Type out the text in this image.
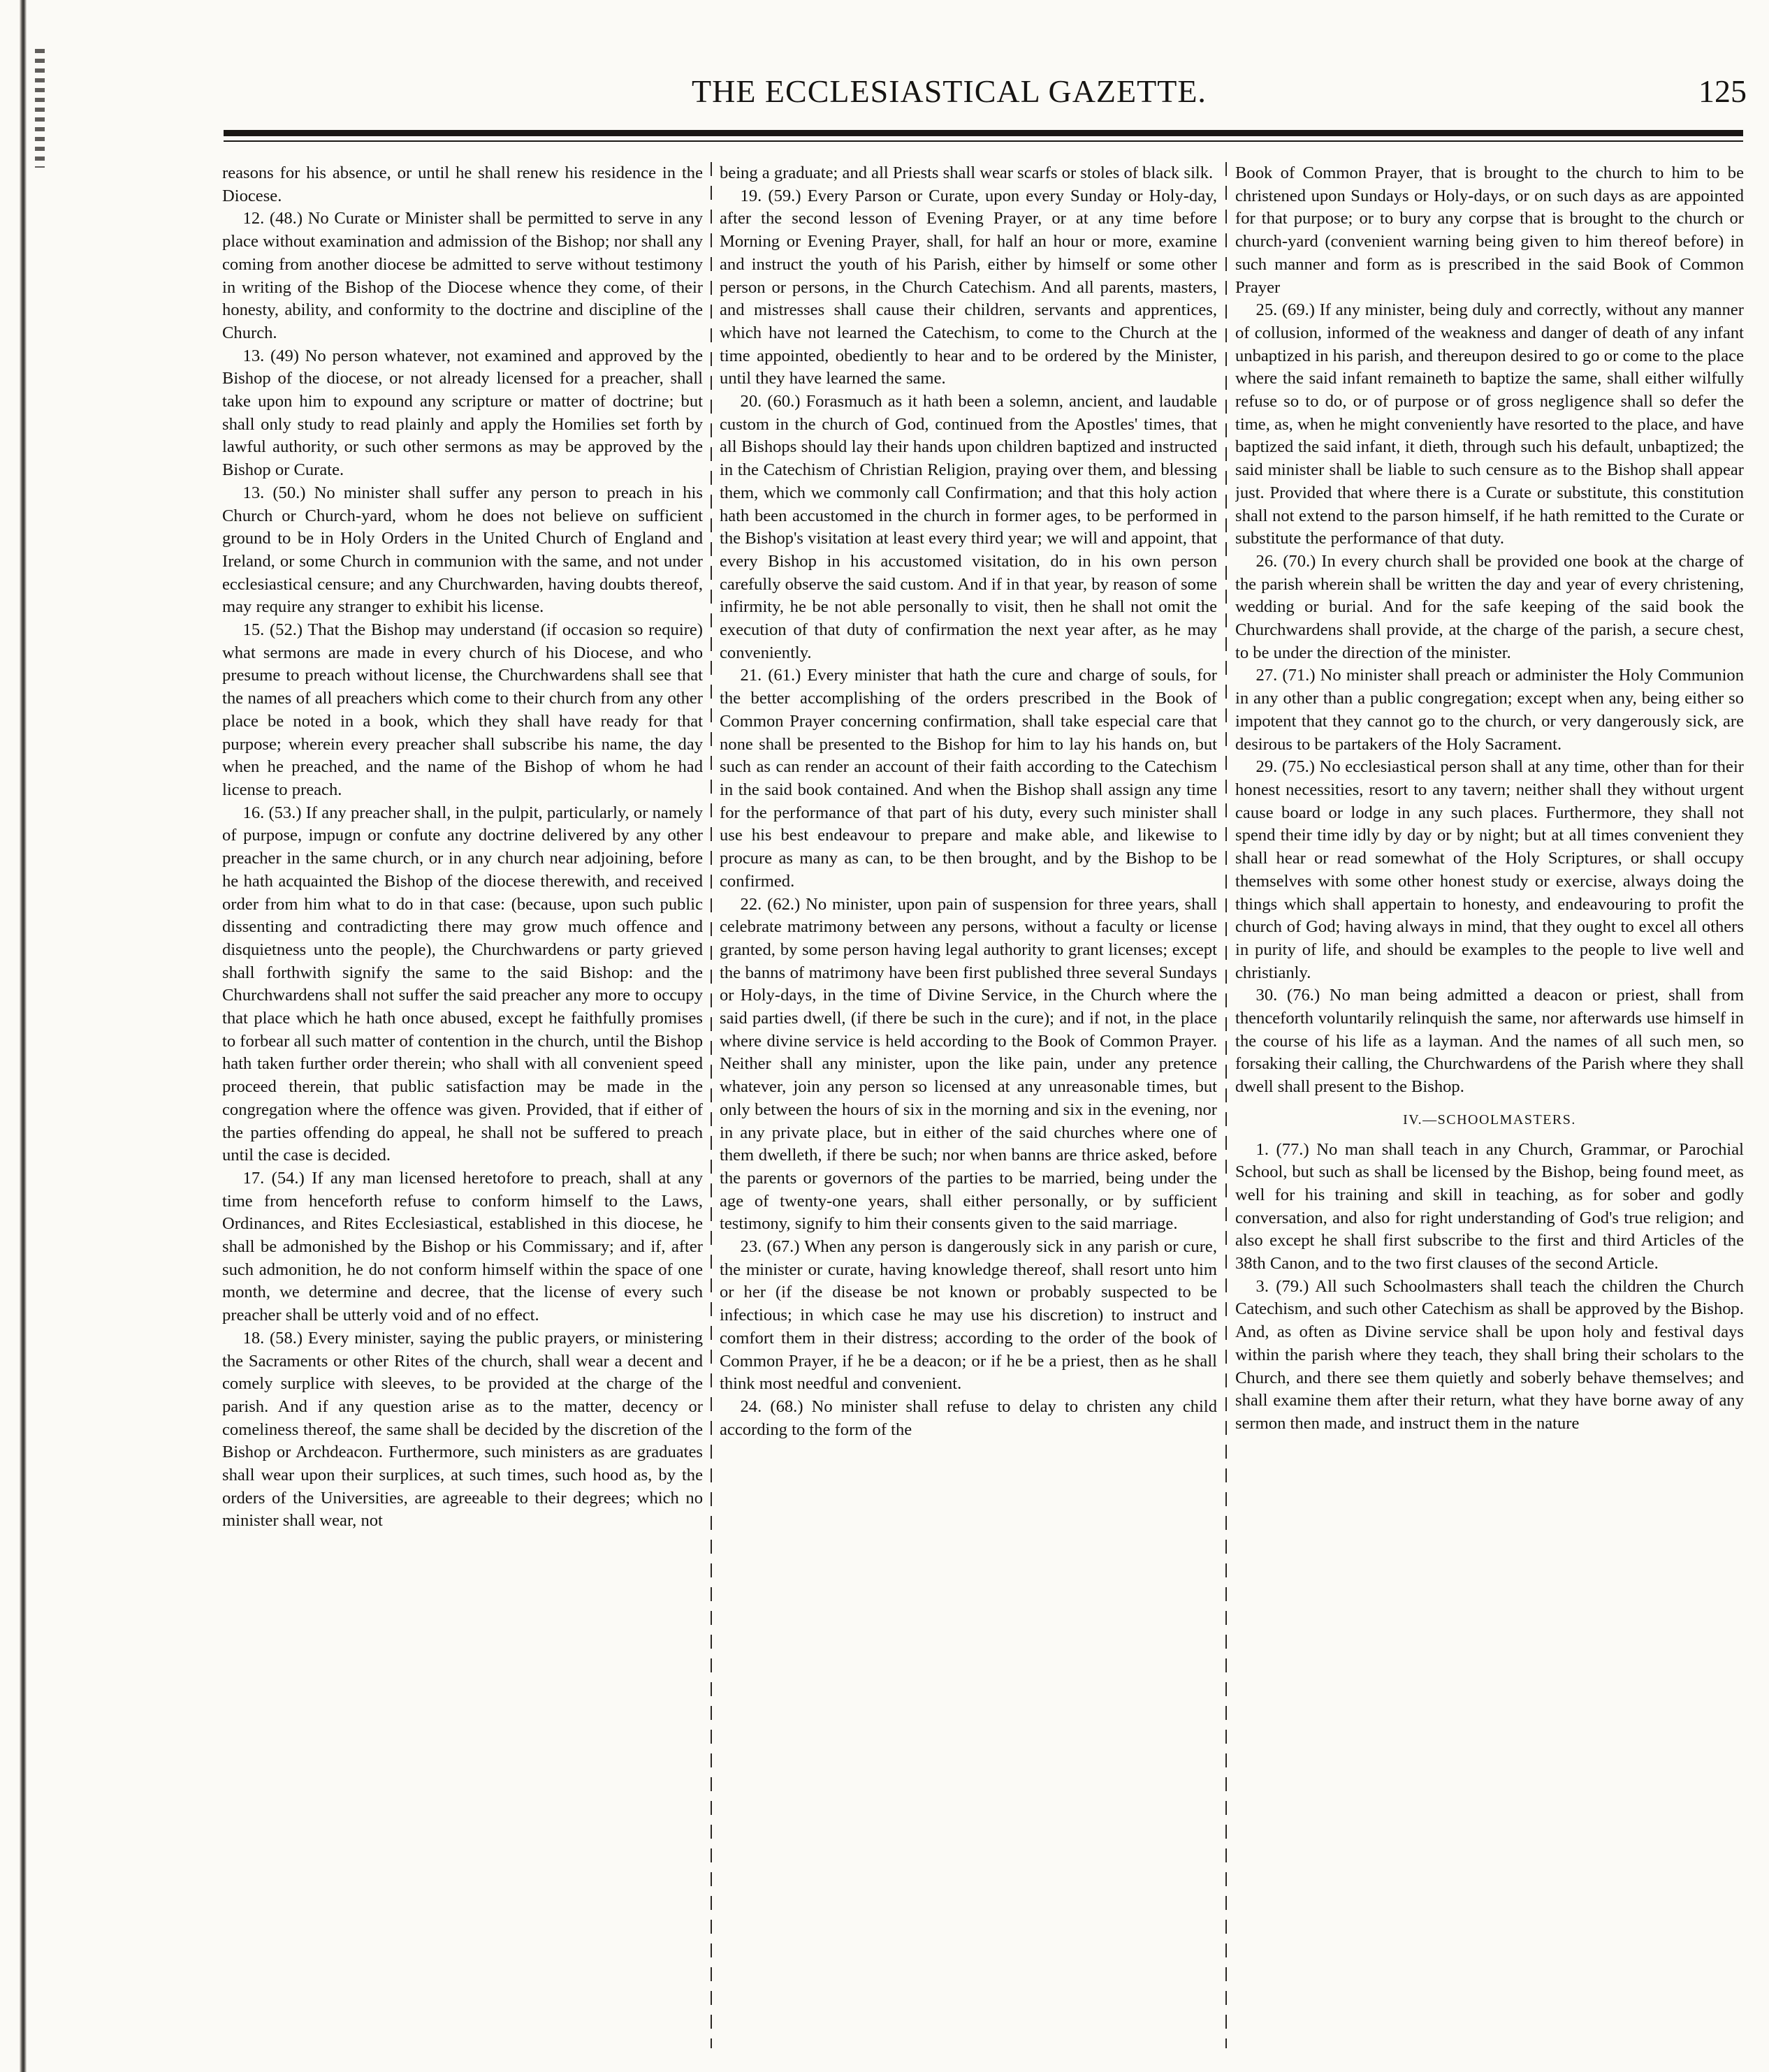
THE ECCLESIASTICAL GAZETTE.	125

reasons for his absence, or until he shall renew his residence in the Diocese.

12. (48.) No Curate or Minister shall be permitted to serve in any place without examination and admission of the Bishop; nor shall any coming from another diocese be admitted to serve without testimony in writing of the Bishop of the Diocese whence they come, of their honesty, ability, and conformity to the doctrine and discipline of the Church.

13. (49) No person whatever, not examined and approved by the Bishop of the diocese, or not already licensed for a preacher, shall take upon him to expound any scripture or matter of doctrine; but shall only study to read plainly and apply the Homilies set forth by lawful authority, or such other sermons as may be approved by the Bishop or Curate.

13. (50.) No minister shall suffer any person to preach in his Church or Church-yard, whom he does not believe on sufficient ground to be in Holy Orders in the United Church of England and Ireland, or some Church in communion with the same, and not under ecclesiastical censure; and any Churchwarden, having doubts thereof, may require any stranger to exhibit his license.

15. (52.) That the Bishop may understand (if occasion so require) what sermons are made in every church of his Diocese, and who presume to preach without license, the Churchwardens shall see that the names of all preachers which come to their church from any other place be noted in a book, which they shall have ready for that purpose; wherein every preacher shall subscribe his name, the day when he preached, and the name of the Bishop of whom he had license to preach.

16. (53.) If any preacher shall, in the pulpit, particularly, or namely of purpose, impugn or confute any doctrine delivered by any other preacher in the same church, or in any church near adjoining, before he hath acquainted the Bishop of the diocese therewith, and received order from him what to do in that case: (because, upon such public dissenting and contradicting there may grow much offence and disquietness unto the people), the Churchwardens or party grieved shall forthwith signify the same to the said Bishop: and the Churchwardens shall not suffer the said preacher any more to occupy that place which he hath once abused, except he faithfully promises to forbear all such matter of contention in the church, until the Bishop hath taken further order therein; who shall with all convenient speed proceed therein, that public satisfaction may be made in the congregation where the offence was given. Provided, that if either of the parties offending do appeal, he shall not be suffered to preach until the case is decided.

17. (54.) If any man licensed heretofore to preach, shall at any time from henceforth refuse to conform himself to the Laws, Ordinances, and Rites Ecclesiastical, established in this diocese, he shall be admonished by the Bishop or his Commissary; and if, after such admonition, he do not conform himself within the space of one month, we determine and decree, that the license of every such preacher shall be utterly void and of no effect.

18. (58.) Every minister, saying the public prayers, or ministering the Sacraments or other Rites of the church, shall wear a decent and comely surplice with sleeves, to be provided at the charge of the parish. And if any question arise as to the matter, decency or comeliness thereof, the same shall be decided by the discretion of the Bishop or Archdeacon. Furthermore, such ministers as are graduates shall wear upon their surplices, at such times, such hood as, by the orders of the Universities, are agreeable to their degrees; which no minister shall wear, not

being a graduate; and all Priests shall wear scarfs or stoles of black silk.

19. (59.) Every Parson or Curate, upon every Sunday or Holy-day, after the second lesson of Evening Prayer, or at any time before Morning or Evening Prayer, shall, for half an hour or more, examine and instruct the youth of his Parish, either by himself or some other person or persons, in the Church Catechism. And all parents, masters, and mistresses shall cause their children, servants and apprentices, which have not learned the Catechism, to come to the Church at the time appointed, obediently to hear and to be ordered by the Minister, until they have learned the same.

20. (60.) Forasmuch as it hath been a solemn, ancient, and laudable custom in the church of God, continued from the Apostles' times, that all Bishops should lay their hands upon children baptized and instructed in the Catechism of Christian Religion, praying over them, and blessing them, which we commonly call Confirmation; and that this holy action hath been accustomed in the church in former ages, to be performed in the Bishop's visitation at least every third year; we will and appoint, that every Bishop in his accustomed visitation, do in his own person carefully observe the said custom. And if in that year, by reason of some infirmity, he be not able personally to visit, then he shall not omit the execution of that duty of confirmation the next year after, as he may conveniently.

21. (61.) Every minister that hath the cure and charge of souls, for the better accomplishing of the orders prescribed in the Book of Common Prayer concerning confirmation, shall take especial care that none shall be presented to the Bishop for him to lay his hands on, but such as can render an account of their faith according to the Catechism in the said book contained. And when the Bishop shall assign any time for the performance of that part of his duty, every such minister shall use his best endeavour to prepare and make able, and likewise to procure as many as can, to be then brought, and by the Bishop to be confirmed.

22. (62.) No minister, upon pain of suspension for three years, shall celebrate matrimony between any persons, without a faculty or license granted, by some person having legal authority to grant licenses; except the banns of matrimony have been first published three several Sundays or Holy-days, in the time of Divine Service, in the Church where the said parties dwell, (if there be such in the cure); and if not, in the place where divine service is held according to the Book of Common Prayer. Neither shall any minister, upon the like pain, under any pretence whatever, join any person so licensed at any unreasonable times, but only between the hours of six in the morning and six in the evening, nor in any private place, but in either of the said churches where one of them dwelleth, if there be such; nor when banns are thrice asked, before the parents or governors of the parties to be married, being under the age of twenty-one years, shall either personally, or by sufficient testimony, signify to him their consents given to the said marriage.

23. (67.) When any person is dangerously sick in any parish or cure, the minister or curate, having knowledge thereof, shall resort unto him or her (if the disease be not known or probably suspected to be infectious; in which case he may use his discretion) to instruct and comfort them in their distress; according to the order of the book of Common Prayer, if he be a deacon; or if he be a priest, then as he shall think most needful and convenient.

24. (68.) No minister shall refuse to delay to christen any child according to the form of the

Book of Common Prayer, that is brought to the church to him to be christened upon Sundays or Holy-days, or on such days as are appointed for that purpose; or to bury any corpse that is brought to the church or church-yard (convenient warning being given to him thereof before) in such manner and form as is prescribed in the said Book of Common Prayer

25. (69.) If any minister, being duly and correctly, without any manner of collusion, informed of the weakness and danger of death of any infant unbaptized in his parish, and thereupon desired to go or come to the place where the said infant remaineth to baptize the same, shall either wilfully refuse so to do, or of purpose or of gross negligence shall so defer the time, as, when he might conveniently have resorted to the place, and have baptized the said infant, it dieth, through such his default, unbaptized; the said minister shall be liable to such censure as to the Bishop shall appear just. Provided that where there is a Curate or substitute, this constitution shall not extend to the parson himself, if he hath remitted to the Curate or substitute the performance of that duty.

26. (70.) In every church shall be provided one book at the charge of the parish wherein shall be written the day and year of every christening, wedding or burial. And for the safe keeping of the said book the Churchwardens shall provide, at the charge of the parish, a secure chest, to be under the direction of the minister.

27. (71.) No minister shall preach or administer the Holy Communion in any other than a public congregation; except when any, being either so impotent that they cannot go to the church, or very dangerously sick, are desirous to be partakers of the Holy Sacrament.

29. (75.) No ecclesiastical person shall at any time, other than for their honest necessities, resort to any tavern; neither shall they without urgent cause board or lodge in any such places. Furthermore, they shall not spend their time idly by day or by night; but at all times convenient they shall hear or read somewhat of the Holy Scriptures, or shall occupy themselves with some other honest study or exercise, always doing the things which shall appertain to honesty, and endeavouring to profit the church of God; having always in mind, that they ought to excel all others in purity of life, and should be examples to the people to live well and christianly.

30. (76.) No man being admitted a deacon or priest, shall from thenceforth voluntarily relinquish the same, nor afterwards use himself in the course of his life as a layman. And the names of all such men, so forsaking their calling, the Churchwardens of the Parish where they shall dwell shall present to the Bishop.

IV.—SCHOOLMASTERS.

1. (77.) No man shall teach in any Church, Grammar, or Parochial School, but such as shall be licensed by the Bishop, being found meet, as well for his training and skill in teaching, as for sober and godly conversation, and also for right understanding of God's true religion; and also except he shall first subscribe to the first and third Articles of the 38th Canon, and to the two first clauses of the second Article.

3. (79.) All such Schoolmasters shall teach the children the Church Catechism, and such other Catechism as shall be approved by the Bishop. And, as often as Divine service shall be upon holy and festival days within the parish where they teach, they shall bring their scholars to the Church, and there see them quietly and soberly behave themselves; and shall examine them after their return, what they have borne away of any sermon then made, and instruct them in the nature
